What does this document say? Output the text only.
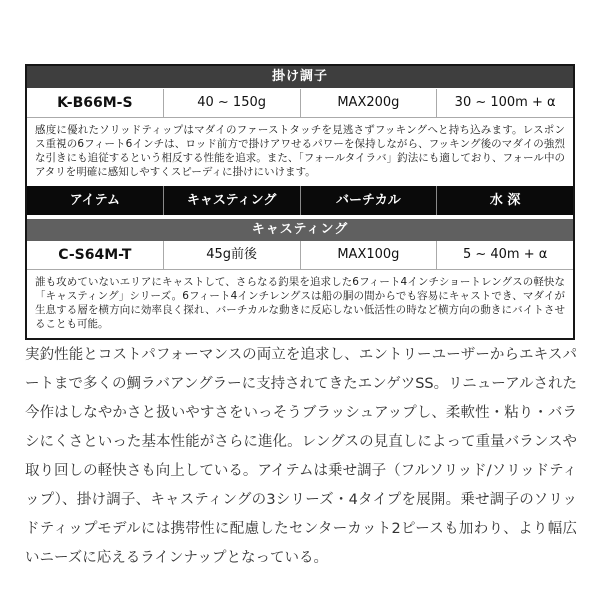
掛け調子
K-B66M-S	40 ~ 150g	MAX200g	30 ~ 100m + α
感度に優れたソリッドティップはマダイのファーストタッチを見逃さずフッキングへと持ち込みます。レスポンス重視の6フィート6インチは、ロッド前方で掛けアワせるパワーを保持しながら、フッキング後のマダイの強烈な引きにも追従するという相反する性能を追求。また、「フォールタイラバ」釣法にも適しており、フォール中のアタリを明確に感知しやすくスピーディに掛けにいけます。
アイテム	キャスティング	バーチカル	水 深
キャスティング
C-S64M-T	45g前後	MAX100g	5 ~ 40m + α
誰も攻めていないエリアにキャストして、さらなる釣果を追求した6フィート4インチショートレングスの軽快な「キャスティング」シリーズ。6フィート4インチレングスは船の胴の間からでも容易にキャストでき、マダイが生息する層を横方向に効率良く探れ、バーチカルな動きに反応しない低活性の時など横方向の動きにバイトさせることも可能。
実釣性能とコストパフォーマンスの両立を追求し、エントリーユーザーからエキスパートまで多くの鯛ラバアングラーに支持されてきたエンゲツSS。リニューアルされた今作はしなやかさと扱いやすさをいっそうブラッシュアップし、柔軟性・粘り・バラシにくさといった基本性能がさらに進化。レングスの見直しによって重量バランスや取り回しの軽快さも向上している。アイテムは乗せ調子（フルソリッド/ソリッドティップ）、掛け調子、キャスティングの3シリーズ・4タイプを展開。乗せ調子のソリッドティップモデルには携帯性に配慮したセンターカット2ピースも加わり、より幅広いニーズに応えるラインナップとなっている。
